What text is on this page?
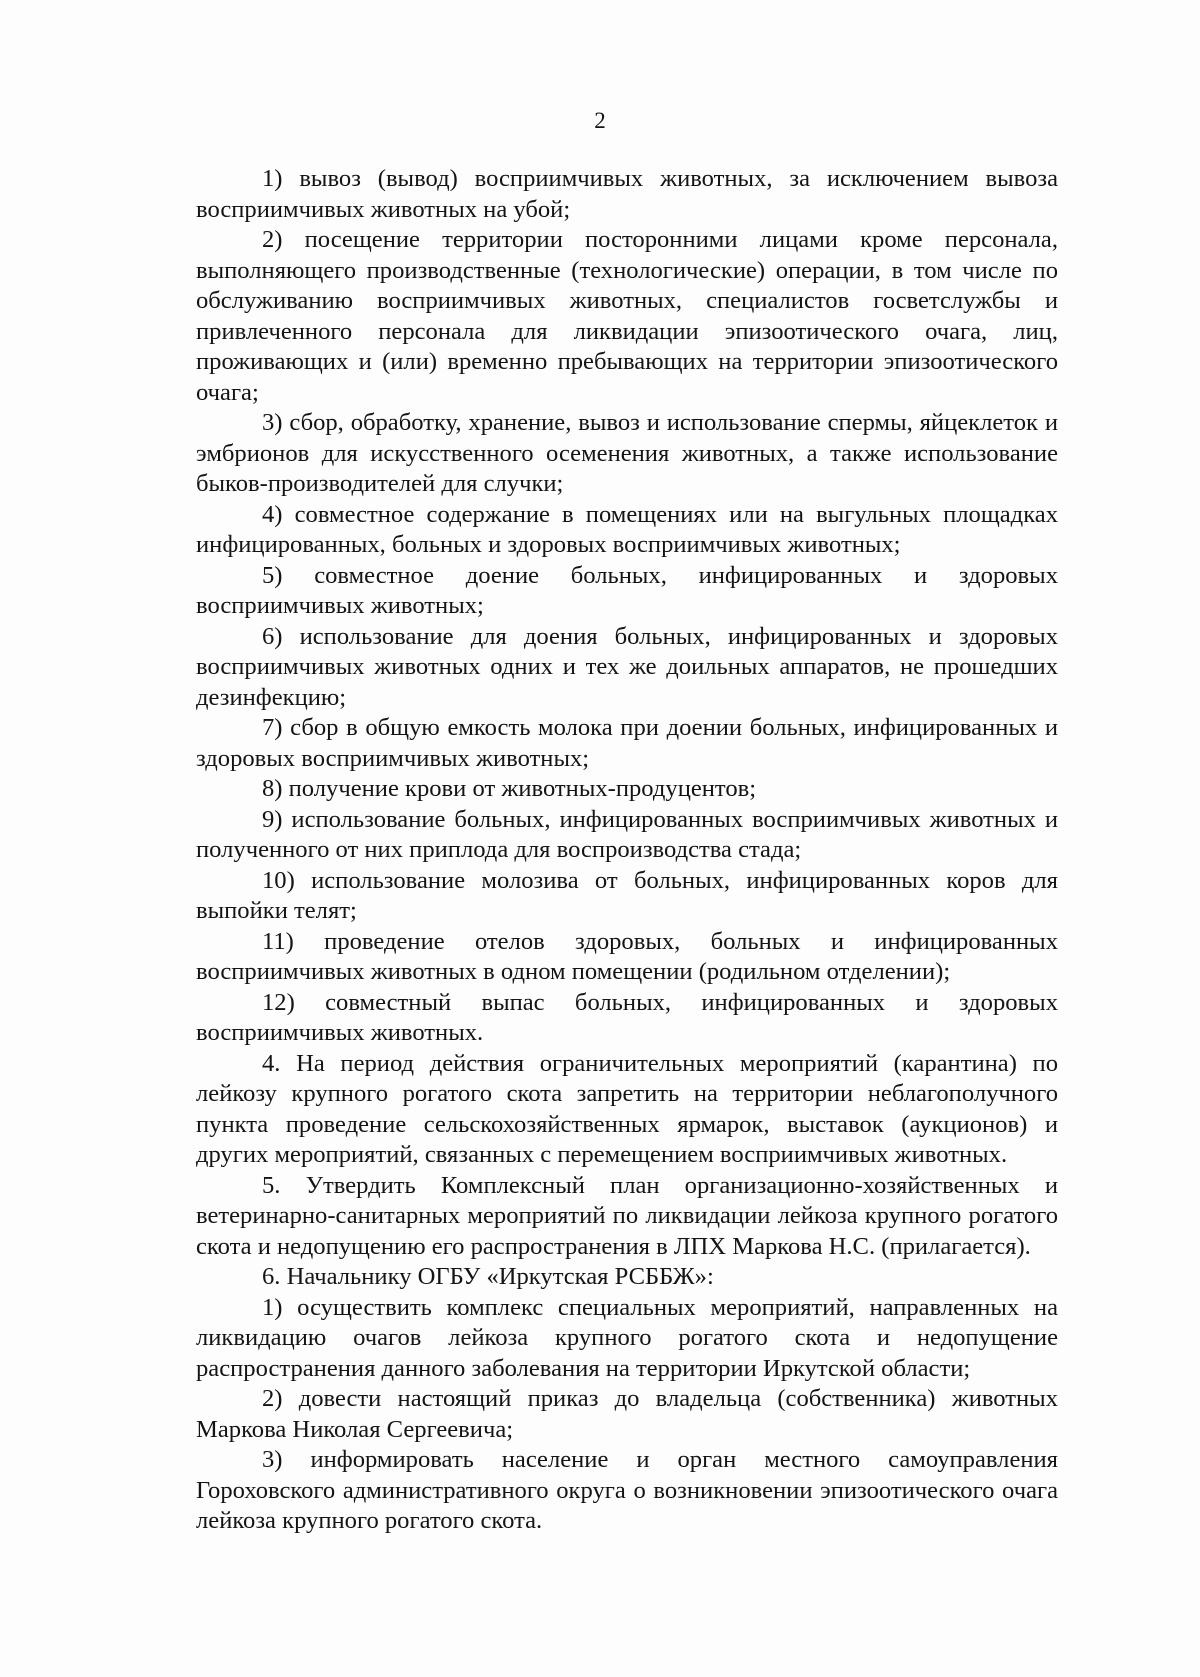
2

1) вывоз (вывод) восприимчивых животных, за исключением вывоза восприимчивых животных на убой;

2) посещение территории посторонними лицами кроме персонала, выполняющего производственные (технологические) операции, в том числе по обслуживанию восприимчивых животных, специалистов госветслужбы и привлеченного персонала для ликвидации эпизоотического очага, лиц, проживающих и (или) временно пребывающих на территории эпизоотического очага;

3) сбор, обработку, хранение, вывоз и использование спермы, яйцеклеток и эмбрионов для искусственного осеменения животных, а также использование быков-производителей для случки;

4) совместное содержание в помещениях или на выгульных площадках инфицированных, больных и здоровых восприимчивых животных;

5) совместное доение больных, инфицированных и здоровых восприимчивых животных;

6) использование для доения больных, инфицированных и здоровых восприимчивых животных одних и тех же доильных аппаратов, не прошедших дезинфекцию;

7) сбор в общую емкость молока при доении больных, инфицированных и здоровых восприимчивых животных;

8) получение крови от животных-продуцентов;

9) использование больных, инфицированных восприимчивых животных и полученного от них приплода для воспроизводства стада;

10) использование молозива от больных, инфицированных коров для выпойки телят;

11) проведение отелов здоровых, больных и инфицированных восприимчивых животных в одном помещении (родильном отделении);

12) совместный выпас больных, инфицированных и здоровых восприимчивых животных.

4. На период действия ограничительных мероприятий (карантина) по лейкозу крупного рогатого скота запретить на территории неблагополучного пункта проведение сельскохозяйственных ярмарок, выставок (аукционов) и других мероприятий, связанных с перемещением восприимчивых животных.

5. Утвердить Комплексный план организационно-хозяйственных и ветеринарно-санитарных мероприятий по ликвидации лейкоза крупного рогатого скота и недопущению его распространения в ЛПХ Маркова Н.С. (прилагается).

6. Начальнику ОГБУ «Иркутская РСББЖ»:

1) осуществить комплекс специальных мероприятий, направленных на ликвидацию очагов лейкоза крупного рогатого скота и недопущение распространения данного заболевания на территории Иркутской области;

2) довести настоящий приказ до владельца (собственника) животных Маркова Николая Сергеевича;

3) информировать население и орган местного самоуправления Гороховского административного округа о возникновении эпизоотического очага лейкоза крупного рогатого скота.
